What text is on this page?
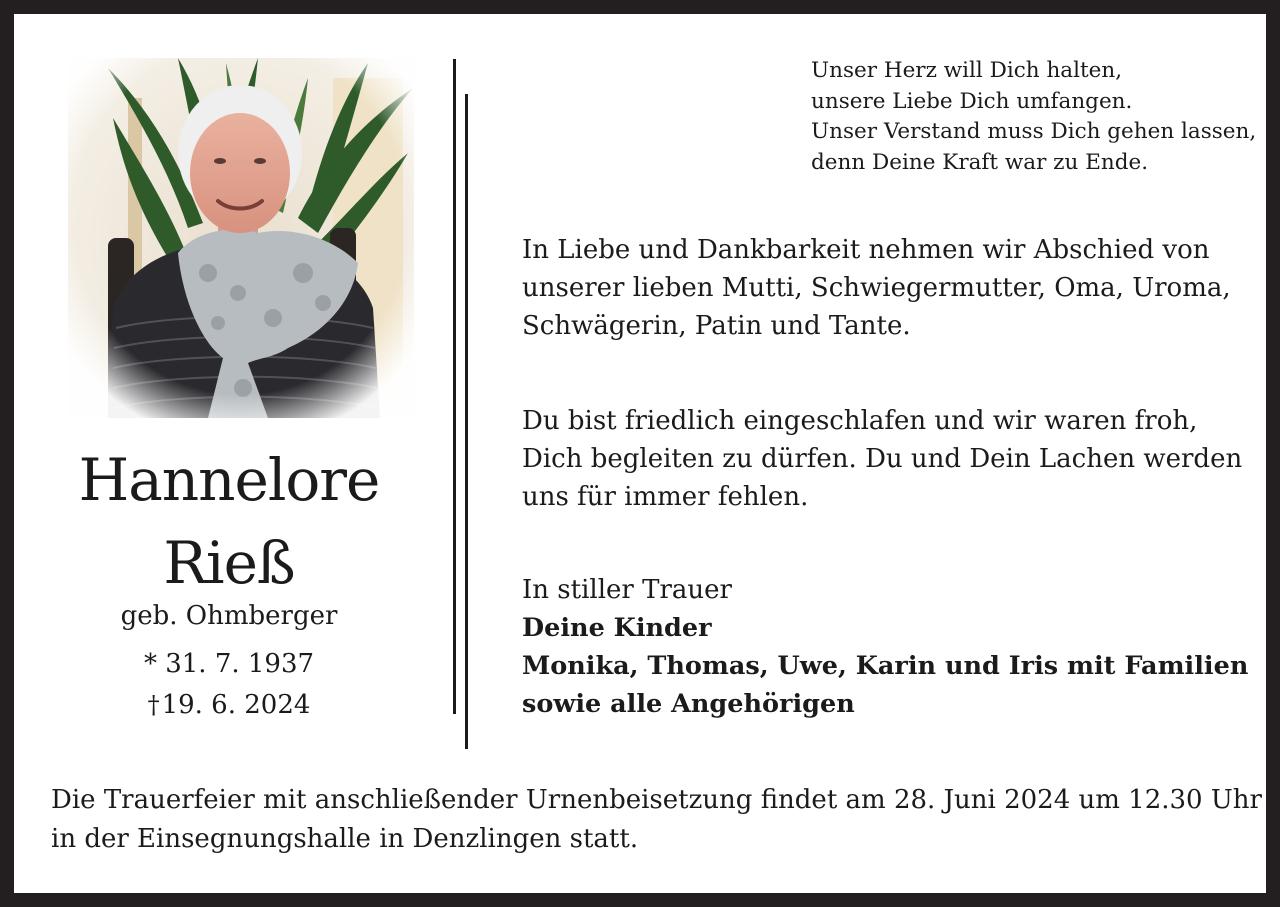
Hannelore
Rieß
geb. Ohmberger
* 31. 7. 1937
†19. 6. 2024
Unser Herz will Dich halten,
unsere Liebe Dich umfangen.
Unser Verstand muss Dich gehen lassen,
denn Deine Kraft war zu Ende.
In Liebe und Dankbarkeit nehmen wir Abschied von
unserer lieben Mutti, Schwiegermutter, Oma, Uroma,
Schwägerin, Patin und Tante.
Du bist friedlich eingeschlafen und wir waren froh,
Dich begleiten zu dürfen. Du und Dein Lachen werden
uns für immer fehlen.
In stiller Trauer
Deine Kinder
Monika, Thomas, Uwe, Karin und Iris mit Familien
sowie alle Angehörigen
Die Trauerfeier mit anschließender Urnenbeisetzung findet am 28. Juni 2024 um 12.30 Uhr
in der Einsegnungshalle in Denzlingen statt.
